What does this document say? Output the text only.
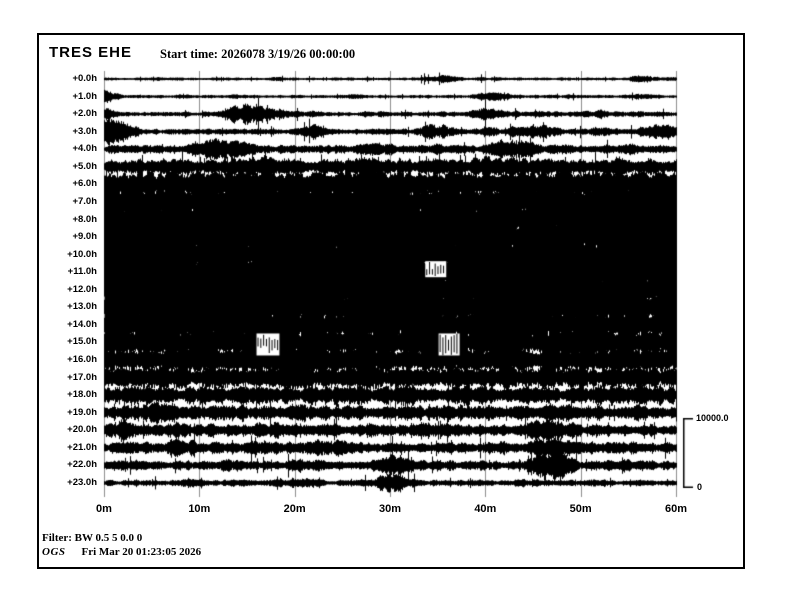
TRES EHE Start time: 2026078 3/19/26 00:00:00
+0.0h
+1.0h
+2.0h
+3.0h
+4.0h
+5.0h
+6.0h
+7.0h
+8.0h
+9.0h
+10.0h
+11.0h
+12.0h
+13.0h
+14.0h
+15.0h
+16.0h
+17.0h
+18.0h
+19.0h
+20.0h
+21.0h
+22.0h
+23.0h
0m	10m	20m	30m	40m	50m	60m
10000.0
0
Filter: BW 0.5 5 0.0 0
OGS Fri Mar 20 01:23:05 2026
